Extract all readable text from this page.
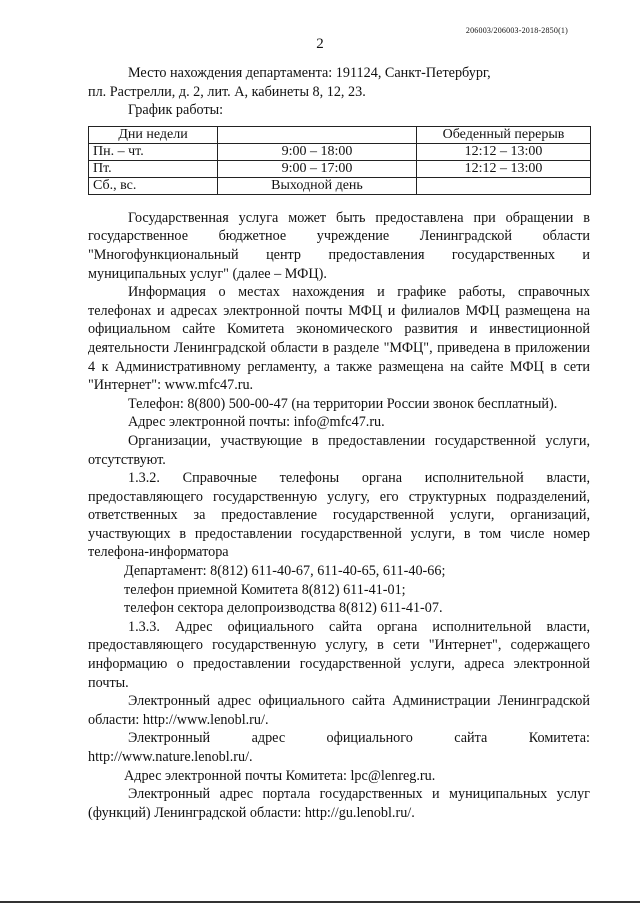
206003/20600З-2018-2850(1)
2

Место нахождения департамента: 191124, Санкт-Петербург,

пл. Растрелли, д. 2, лит. А, кабинеты 8, 12, 23.

График работы:

Дни недели		Обеденный перерыв
Пн. – чт.	9:00 – 18:00	12:12 – 13:00
Пт.	9:00 – 17:00	12:12 – 13:00
Сб., вс.	Выходной день	

Государственная услуга может быть предоставлена при обращении в государственное бюджетное учреждение Ленинградской области "Многофункциональный центр предоставления государственных и муниципальных услуг" (далее – МФЦ).

Информация о местах нахождения и графике работы, справочных телефонах и адресах электронной почты МФЦ и филиалов МФЦ размещена на официальном сайте Комитета экономического развития и инвестиционной деятельности Ленинградской области в разделе "МФЦ", приведена в приложении 4 к Административному регламенту, а также размещена на сайте МФЦ в сети "Интернет": www.mfc47.ru.

Телефон: 8(800) 500-00-47 (на территории России звонок бесплатный).

Адрес электронной почты: info@mfc47.ru.

Организации, участвующие в предоставлении государственной услуги, отсутствуют.

1.3.2. Справочные телефоны органа исполнительной власти, предоставляющего государственную услугу, его структурных подразделений, ответственных за предоставление государственной услуги, организаций, участвующих в предоставлении государственной услуги, в том числе номер телефона-информатора

Департамент: 8(812) 611-40-67, 611-40-65, 611-40-66;

телефон приемной Комитета 8(812) 611-41-01;

телефон сектора делопроизводства 8(812) 611-41-07.

1.3.3. Адрес официального сайта органа исполнительной власти, предоставляющего государственную услугу, в сети "Интернет", содержащего информацию о предоставлении государственной услуги, адреса электронной почты.

Электронный адрес официального сайта Администрации Ленинградской области: http://www.lenobl.ru/.

Электронный адрес официального сайта Комитета: http://www.nature.lenobl.ru/.

Адрес электронной почты Комитета: lpc@lenreg.ru.

Электронный адрес портала государственных и муниципальных услуг (функций) Ленинградской области: http://gu.lenobl.ru/.
